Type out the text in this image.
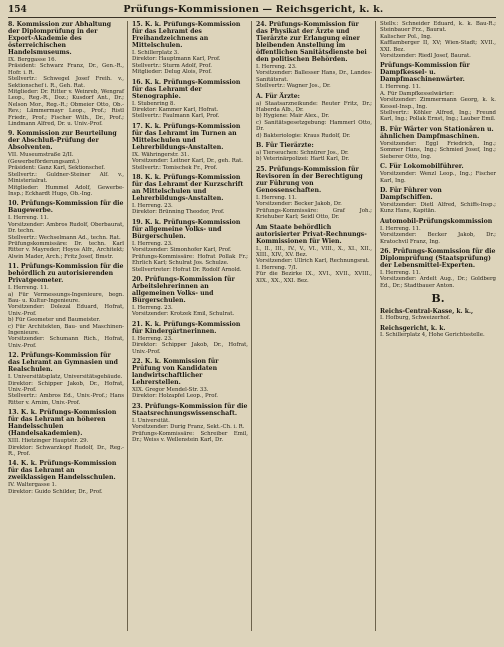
154	Prüfungs-Kommissionen — Reichsgericht, k. k.
8. Kommission zur Abhaltung der Diplomprüfung in der Export-Akademie des österreichischen Handelsmuseums.
IX. Berggasse 16.
Präsident: Schwarz Franz, Dr., Gen.-R., Hofr. i. R.
Stellvertr.: Schwegel Josef Freih. v., Sektionschef i. R., Geh. Rat.
Mitglieder: Dr. Ritter v. Weinreb, Wengraf Leop., Reg.-R., Doz.; Kusdorf Ant., Dr.; Nelson Mor., Reg.-R.; Obmeier Otto, Ob.-Rev.; Lämmermayr Leop., Prof.; Ristl Friedr., Prof.; Fischer Wilh., Dr., Prof.; Lindmann Alfred, Dr. u. Univ.-Prof.
9. Kommission zur Beurteilung der Abschluß-Prüfung der Absolventen.
VII. Museumstraße 2/II.
(Gewerbeförderungsamt.)
Präsident: Ganz Karl, Sektionschef.
Stellvertr.: Guldner-Steiner Alf. v., Ministerialrat.
Mitglieder: Hummel Adolf, Gewerbe-Insp.; Eckhardt Hugo, Ob.-Ing.
10. Prüfungs-Kommission für die Baugewerbe.
I. Herreng. 11.
Vorsitzender: Ambros Rudolf, Oberbaurat, Dr. techn.
Stellvertr.: Wechselmann Ad., techn. Rat.
Prüfungskommissäre: Dr. techn. Karl Ritter v. Mayreder; Hoyos Alfr., Architekt; Alwin Mader, Arch.; Fritz Josef, Bmstr.
11. Prüfungs-Kommission für die behördlich zu autorisierenden Privatgeometer.
I. Herreng. 11.
a) Für Vermessungs-Ingenieure, begn. Bau- u. Kultur-Ingenieure.
Vorsitzender: Dolezal Eduard, Hofrat, Univ.-Prof.
b) Für Geometer und Baumeister.
c) Für Architekten, Bau- und Maschinen-Ingenieure.
Vorsitzender: Schumann Rich., Hofrat, Univ.-Prof.
12. Prüfungs-Kommission für das Lehramt an Gymnasien und Realschulen.
I. Universitätsplatz, Universitätsgebäude.
Direktor: Schipper Jakob, Dr., Hofrat, Univ.-Prof.
Stellvertr.: Ambros Ed., Univ.-Prof.; Hans Ritter v. Arnim, Univ.-Prof.
13. K. k. Prüfungs-Kommission für das Lehramt an höheren Handelsschulen (Handelsakademien).
XIII. Hietzinger Hauptstr. 29.
Direktor: Schwarzkopf Rudolf, Dr., Reg.-R., Prof.
14. K. k. Prüfungs-Kommission für das Lehramt an zweiklassigen Handelsschulen.
IV. Waltergasse 1.
Direktor: Guido Schilder, Dr., Prof.
15. K. k. Prüfungs-Kommission für das Lehramt des Freihandzeichnens an Mittelschulen.
I. Schillerplatz 3.
Direktor: Hauptmann Karl, Prof.
Stellvertr.: Sturm Adolf, Prof.
Mitglieder: Delug Alois, Prof.
16. K. k. Prüfungs-Kommission für das Lehramt der Stenographie.
I. Stubenring 8.
Direktor: Kammer Karl, Hofrat.
Stellvertr.: Faulmann Karl, Prof.
17. K. k. Prüfungs-Kommission für das Lehramt im Turnen an Mittelschulen und Lehrerbildungs-Anstalten.
IX. Währingerstr. 31.
Vorsitzender: Leitner Karl, Dr., geh. Rat.
Stellvertr.: Tomischek Fr., Prof.
18. K. k. Prüfungs-Kommission für das Lehramt der Kurzschrift an Mittelschulen und Lehrerbildungs-Anstalten.
I. Herreng. 23.
Direktor: Brünning Theodor, Prof.
19. K. k. Prüfungs-Kommission für allgemeine Volks- und Bürgerschulen.
I. Herreng. 23.
Vorsitzender: Simonhofer Karl, Prof.
Prüfungs-Kommissäre: Hofrat Pollak Fr.; Ehrlich Karl; Schulrat Jos. Schulze.
Stellvertreter: Hofrat Dr. Rodolf Arnold.
20. Prüfungs-Kommission für Arbeitslehrerinnen an allgemeinen Volks- und Bürgerschulen.
I. Herreng. 23.
Vorsitzender: Krotzek Emil, Schulrat.
21. K. k. Prüfungs-Kommission für Kindergärtnerinnen.
I. Herreng. 23.
Direktor: Schipper Jakob, Dr., Hofrat, Univ.-Prof.
22. K. k. Kommission für Prüfung von Kandidaten landwirtschaftlicher Lehrerstellen.
XIX. Gregor Mendel-Str. 33.
Direktor: Holzapfel Leop., Prof.
23. Prüfungs-Kommission für die Staatsrechnungswissenschaft.
I. Universität.
Vorsitzender: Durig Franz, Sekt.-Ch. i. R.
Prüfungs-Kommissäre: Schreiber Emil, Dr.; Weiss v. Wellenstein Karl, Dr.
24. Prüfungs-Kommission für das Physikat der Ärzte und Tierärzte zur Erlangung einer bleibenden Anstellung im öffentlichen Sanitätsdienste bei den politischen Behörden.
I. Herreng. 23.
Vorsitzender: Ballesser Hans, Dr., Landes-Sanitätsrat.
Stellvertr.: Wagner Jos., Dr.
A. Für Ärzte:
a) Staatsarzneikunde: Reuter Fritz, Dr.; Haberda Alb., Dr.
b) Hygiene: Mair Alex., Dr.
c) Sanitätsgesetzgebung: Hammerl Otto, Dr.
d) Bakteriologie: Kraus Rudolf, Dr.
B. Für Tierärzte:
a) Tierseuchen: Schnürer Jos., Dr.
b) Veterinärpolizei: Hartl Karl, Dr.
25. Prüfungs-Kommission für Revisoren in der Berechtigung zur Führung von Genossenschaften.
I. Herreng. 11.
Vorsitzender: Becker Jakob, Dr.
Prüfungs-Kommissäre: Graf Joh.; Kriehuber Karl; Seidl Otto, Dr.
Am Staate behördlich autorisierter Privat-Rechnungs-Kommissionen für Wien.
I., II., III., IV., V., VI., VIII., X., XI., XII., XIII., XIV., XV. Bez.
Vorsitzender: Ullrich Karl, Rechnungsrat.
I. Herreng. 7/I.
Für die Bezirke IX., XVI., XVII., XVIII., XIX., XX., XXI. Bez.
Stellv.: Schneider Eduard, k. k. Bau-R.; Steinbauer Frz., Baurat.
Kalischer Pol., Ing.
Kafflamberger II, XV; Wien-Stadt; XVII., XXI. Bez.
Vorsitzender: Riedl Josef, Baurat.
Prüfungs-Kommission für Dampfkessel- u. Dampfmaschinenwärter.
I. Herreng. 11.
A. Für Dampfkesselwärter:
Vorsitzender: Zimmermann Georg, k. k. Kessel-Insp., Ing.
Stellvertr.: Köhler Alfred, Ing.; Freund Karl, Ing.; Pollak Ernst, Ing.; Lauber Emil.
B. Für Wärter von Stationären u. ähnlichen Dampfmaschinen.
Vorsitzender: Eggl Friedrich, Ing.; Sommer Hans, Ing.; Schmied Josef, Ing.; Sieberer Otto, Ing.
C. Für Lokomobilführer.
Vorsitzender: Wenzl Leop., Ing.; Fischer Karl, Ing.
D. Für Führer von Dampfschiffen.
Vorsitzender: Dietl Alfred, Schiffs-Insp.; Kunz Hans, Kapitän.
Automobil-Prüfungskommission
I. Herreng. 11.
Vorsitzender: Becker Jakob, Dr.; Kratochvil Franz, Ing.
26. Prüfungs-Kommission für die Diplomprüfung (Staatsprüfung) der Lebensmittel-Experten.
I. Herreng. 11.
Vorsitzender: Ardelt Aug., Dr.; Goldberg Ed., Dr.; Stadtbauer Anton.
B.
Reichs-Central-Kasse, k. k.,
I. Hofburg, Schweizerhof.
Reichsgericht, k. k.
I. Schillerplatz 4, Hohe Gerichtsstelle.
